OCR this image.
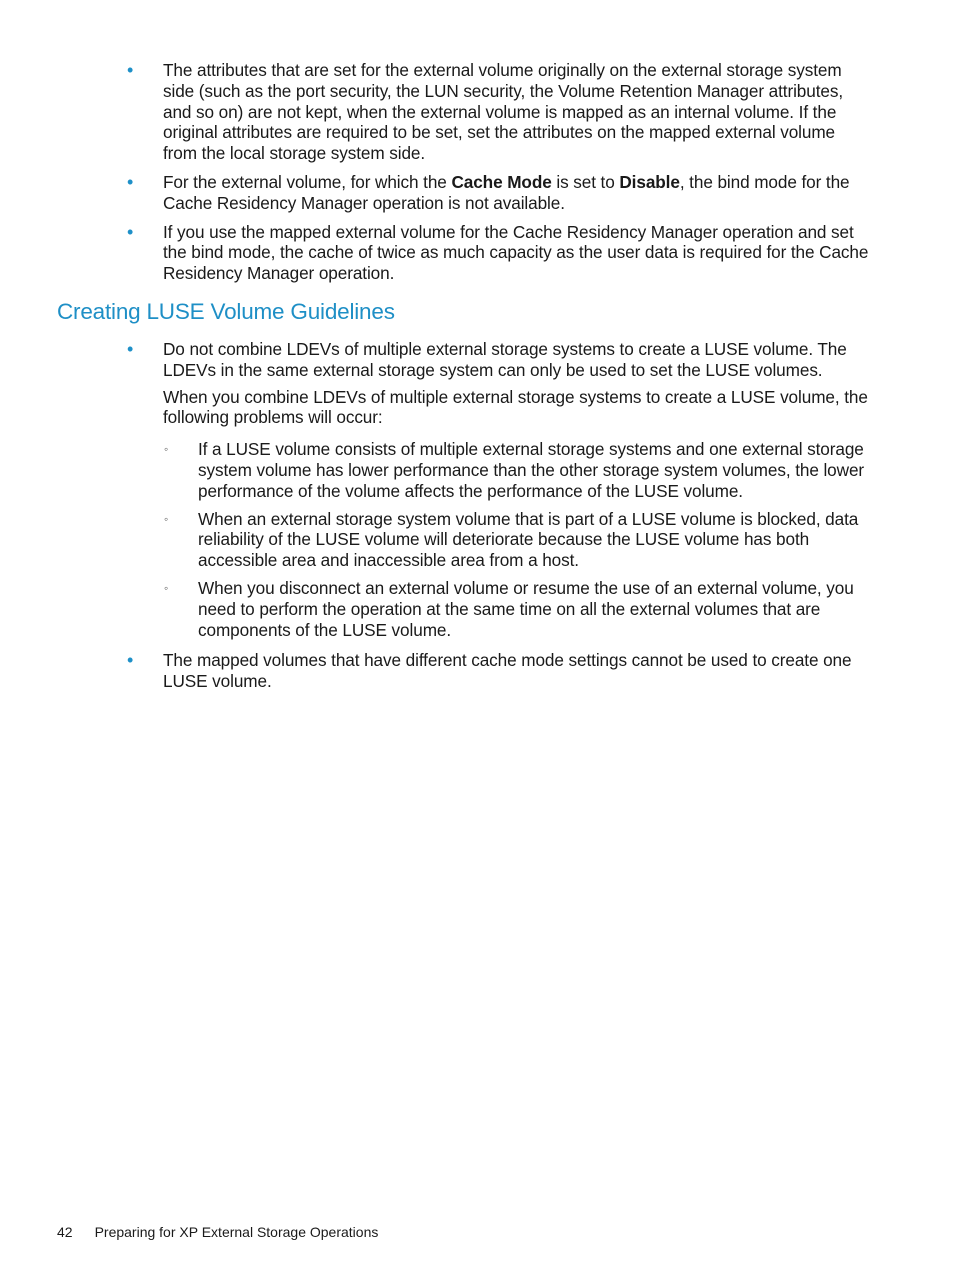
• The attributes that are set for the external volume originally on the external storage system side (such as the port security, the LUN security, the Volume Retention Manager attributes, and so on) are not kept, when the external volume is mapped as an internal volume. If the original attributes are required to be set, set the attributes on the mapped external volume from the local storage system side.
• For the external volume, for which the Cache Mode is set to Disable, the bind mode for the Cache Residency Manager operation is not available.
• If you use the mapped external volume for the Cache Residency Manager operation and set the bind mode, the cache of twice as much capacity as the user data is required for the Cache Residency Manager operation.
Creating LUSE Volume Guidelines
• Do not combine LDEVs of multiple external storage systems to create a LUSE volume. The LDEVs in the same external storage system can only be used to set the LUSE volumes.
When you combine LDEVs of multiple external storage systems to create a LUSE volume, the following problems will occur:
◦ If a LUSE volume consists of multiple external storage systems and one external storage system volume has lower performance than the other storage system volumes, the lower performance of the volume affects the performance of the LUSE volume.
◦ When an external storage system volume that is part of a LUSE volume is blocked, data reliability of the LUSE volume will deteriorate because the LUSE volume has both accessible area and inaccessible area from a host.
◦ When you disconnect an external volume or resume the use of an external volume, you need to perform the operation at the same time on all the external volumes that are components of the LUSE volume.
• The mapped volumes that have different cache mode settings cannot be used to create one LUSE volume.
42 Preparing for XP External Storage Operations
